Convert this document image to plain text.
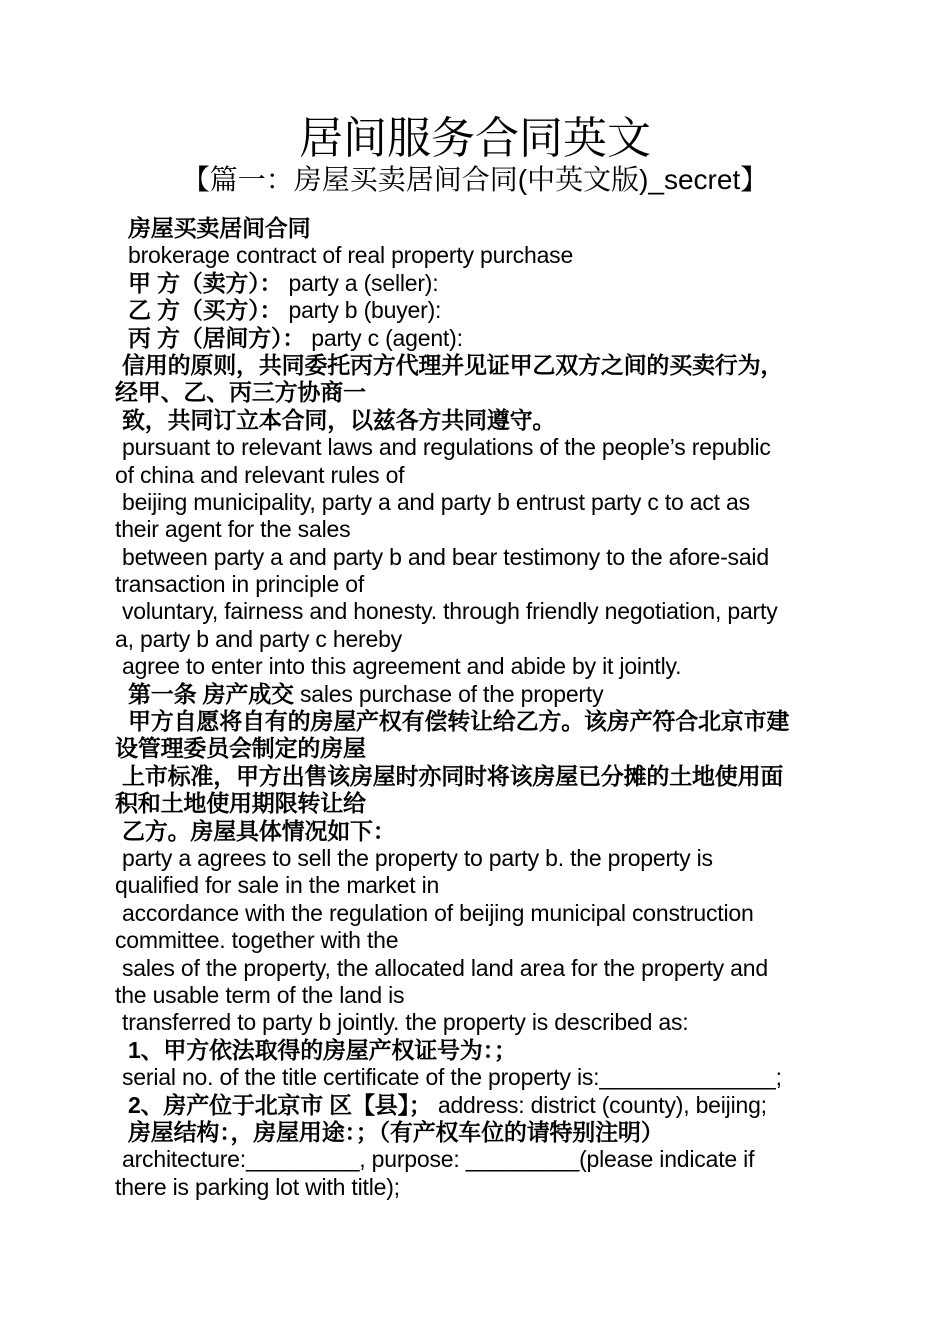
居间服务合同英文
【篇一：房屋买卖居间合同(中英文版)_secret】
房屋买卖居间合同
brokerage contract of real property purchase
甲 方（卖方）： party a (seller):
乙 方（买方）： party b (buyer):
丙 方（居间方）： party c (agent):
信用的原则，共同委托丙方代理并见证甲乙双方之间的买卖行为，
经甲、乙、丙三方协商一
致，共同订立本合同，以兹各方共同遵守。
pursuant to relevant laws and regulations of the people’s republic
of china and relevant rules of
beijing municipality, party a and party b entrust party c to act as
their agent for the sales
between party a and party b and bear testimony to the afore-said
transaction in principle of
voluntary, fairness and honesty. through friendly negotiation, party
a, party b and party c hereby
agree to enter into this agreement and abide by it jointly.
第一条 房产成交 sales purchase of the property
甲方自愿将自有的房屋产权有偿转让给乙方。该房产符合北京市建
设管理委员会制定的房屋
上市标准，甲方出售该房屋时亦同时将该房屋已分摊的土地使用面
积和土地使用期限转让给
乙方。房屋具体情况如下：
party a agrees to sell the property to party b. the property is
qualified for sale in the market in
accordance with the regulation of beijing municipal construction
committee. together with the
sales of the property, the allocated land area for the property and
the usable term of the land is
transferred to party b jointly. the property is described as:
1、甲方依法取得的房屋产权证号为：；
serial no. of the title certificate of the property is:______________;
2、房产位于北京市 区【县】； address: district (county), beijing;
房屋结构：，房屋用途：；（有产权车位的请特别注明）
architecture:_________, purpose: _________(please indicate if
there is parking lot with title);
